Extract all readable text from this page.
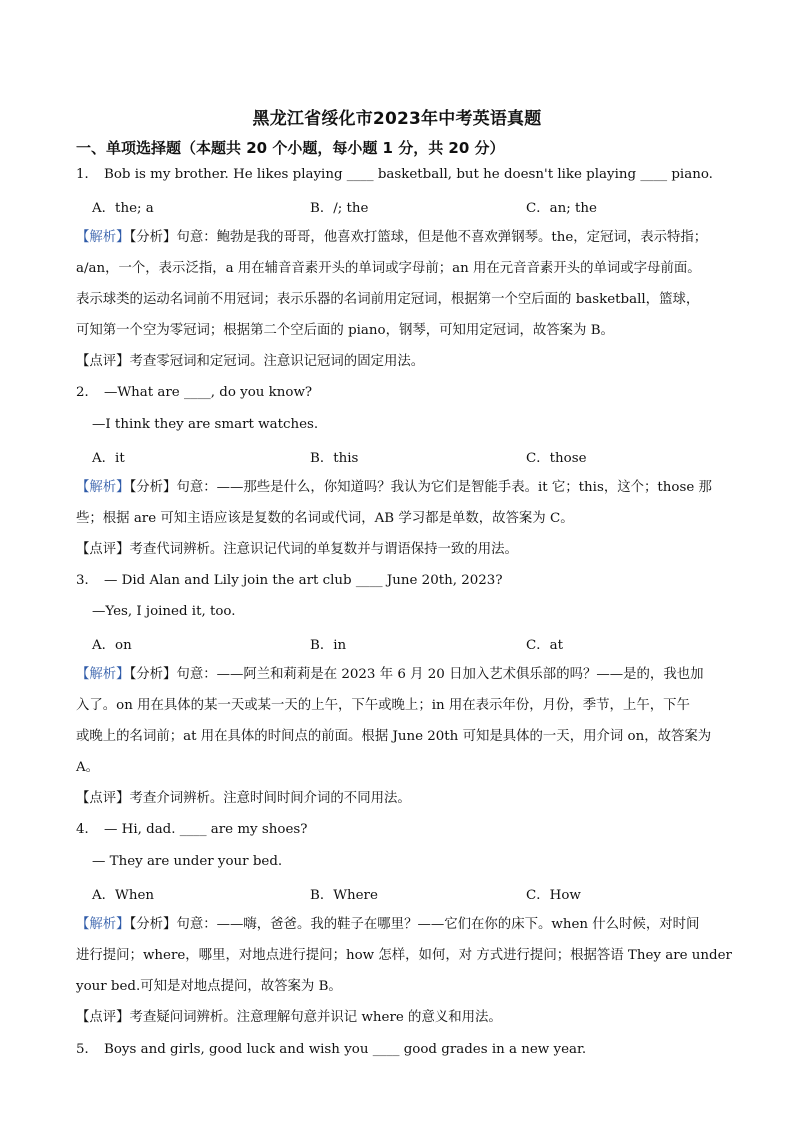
黑龙江省绥化市2023年中考英语真题
一、单项选择题（本题共 20 个小题，每小题 1 分，共 20 分）
1． Bob is my brother. He likes playing ____ basketball, but he doesn't like playing ____ piano.
A．the; a	B．/; the	C．an; the
【解析】【分析】句意：鲍勃是我的哥哥，他喜欢打篮球，但是他不喜欢弹钢琴。the，定冠词，表示特指；
a/an，一个，表示泛指，a 用在辅音音素开头的单词或字母前；an 用在元音音素开头的单词或字母前面。
表示球类的运动名词前不用冠词；表示乐器的名词前用定冠词，根据第一个空后面的 basketball，篮球，
可知第一个空为零冠词；根据第二个空后面的 piano，钢琴，可知用定冠词，故答案为 B。
【点评】考查零冠词和定冠词。注意识记冠词的固定用法。
2． —What are ____, do you know?
—I think they are smart watches.
A．it	B．this	C．those
【解析】【分析】句意：——那些是什么，你知道吗？我认为它们是智能手表。it 它；this，这个；those 那
些；根据 are 可知主语应该是复数的名词或代词，AB 学习都是单数，故答案为 C。
【点评】考查代词辨析。注意识记代词的单复数并与谓语保持一致的用法。
3． — Did Alan and Lily join the art club ____ June 20th, 2023?
—Yes, I joined it, too.
A．on	B．in	C．at
【解析】【分析】句意：——阿兰和莉莉是在 2023 年 6 月 20 日加入艺术俱乐部的吗？——是的，我也加
入了。on 用在具体的某一天或某一天的上午，下午或晚上；in 用在表示年份，月份，季节，上午，下午
或晚上的名词前；at 用在具体的时间点的前面。根据 June 20th 可知是具体的一天，用介词 on，故答案为
A。
【点评】考查介词辨析。注意时间时间介词的不同用法。
4． — Hi, dad. ____ are my shoes?
— They are under your bed.
A．When	B．Where	C．How
【解析】【分析】句意：——嗨，爸爸。我的鞋子在哪里？——它们在你的床下。when 什么时候，对时间
进行提问；where，哪里，对地点进行提问；how 怎样，如何，对 方式进行提问；根据答语 They are under
your bed.可知是对地点提问，故答案为 B。
【点评】考查疑问词辨析。注意理解句意并识记 where 的意义和用法。
5． Boys and girls, good luck and wish you ____ good grades in a new year.
